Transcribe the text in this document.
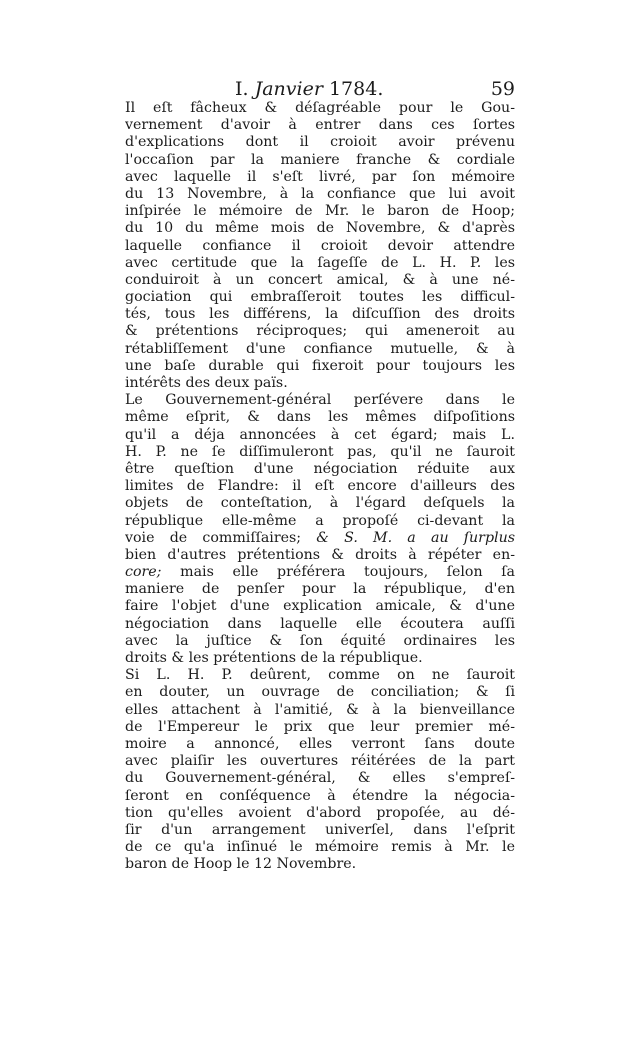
I. Janvier 1784.	59
Il eſt fâcheux & déſagréable pour le Gou-
vernement d'avoir à entrer dans ces ſortes
d'explications dont il croioit avoir prévenu
l'occaſion par la maniere franche & cordiale
avec laquelle il s'eſt livré, par ſon mémoire
du 13 Novembre, à la confiance que lui avoit
inſpirée le mémoire de Mr. le baron de Hoop;
du 10 du même mois de Novembre, & d'après
laquelle confiance il croioit devoir attendre
avec certitude que la ſageſſe de L. H. P. les
conduiroit à un concert amical, & à une né-
gociation qui embraſſeroit toutes les difficul-
tés, tous les différens, la diſcuſſion des droits
& prétentions réciproques; qui ameneroit au
rétabliſſement d'une confiance mutuelle, & à
une baſe durable qui fixeroit pour toujours les
intérêts des deux païs.
Le Gouvernement-général perſévere dans le
même eſprit, & dans les mêmes diſpoſitions
qu'il a déja annoncées à cet égard; mais L.
H. P. ne ſe diſſimuleront pas, qu'il ne ſauroit
être queſtion d'une négociation réduite aux
limites de Flandre: il eſt encore d'ailleurs des
objets de conteſtation, à l'égard deſquels la
république elle-même a propoſé ci-devant la
voie de commiſſaires; & S. M. a au ſurplus
bien d'autres prétentions & droits à répéter en-
core; mais elle préférera toujours, ſelon ſa
maniere de penſer pour la république, d'en
faire l'objet d'une explication amicale, & d'une
négociation dans laquelle elle écoutera auſſi
avec la juſtice & ſon équité ordinaires les
droits & les prétentions de la république.
Si L. H. P. deûrent, comme on ne ſauroit
en douter, un ouvrage de conciliation; & ſi
elles attachent à l'amitié, & à la bienveillance
de l'Empereur le prix que leur premier mé-
moire a annoncé, elles verront ſans doute
avec plaiſir les ouvertures réitérées de la part
du Gouvernement-général, & elles s'empreſ-
ſeront en conſéquence à étendre la négocia-
tion qu'elles avoient d'abord propoſée, au dé-
ſir d'un arrangement univerſel, dans l'eſprit
de ce qu'a inſinué le mémoire remis à Mr. le
baron de Hoop le 12 Novembre.
